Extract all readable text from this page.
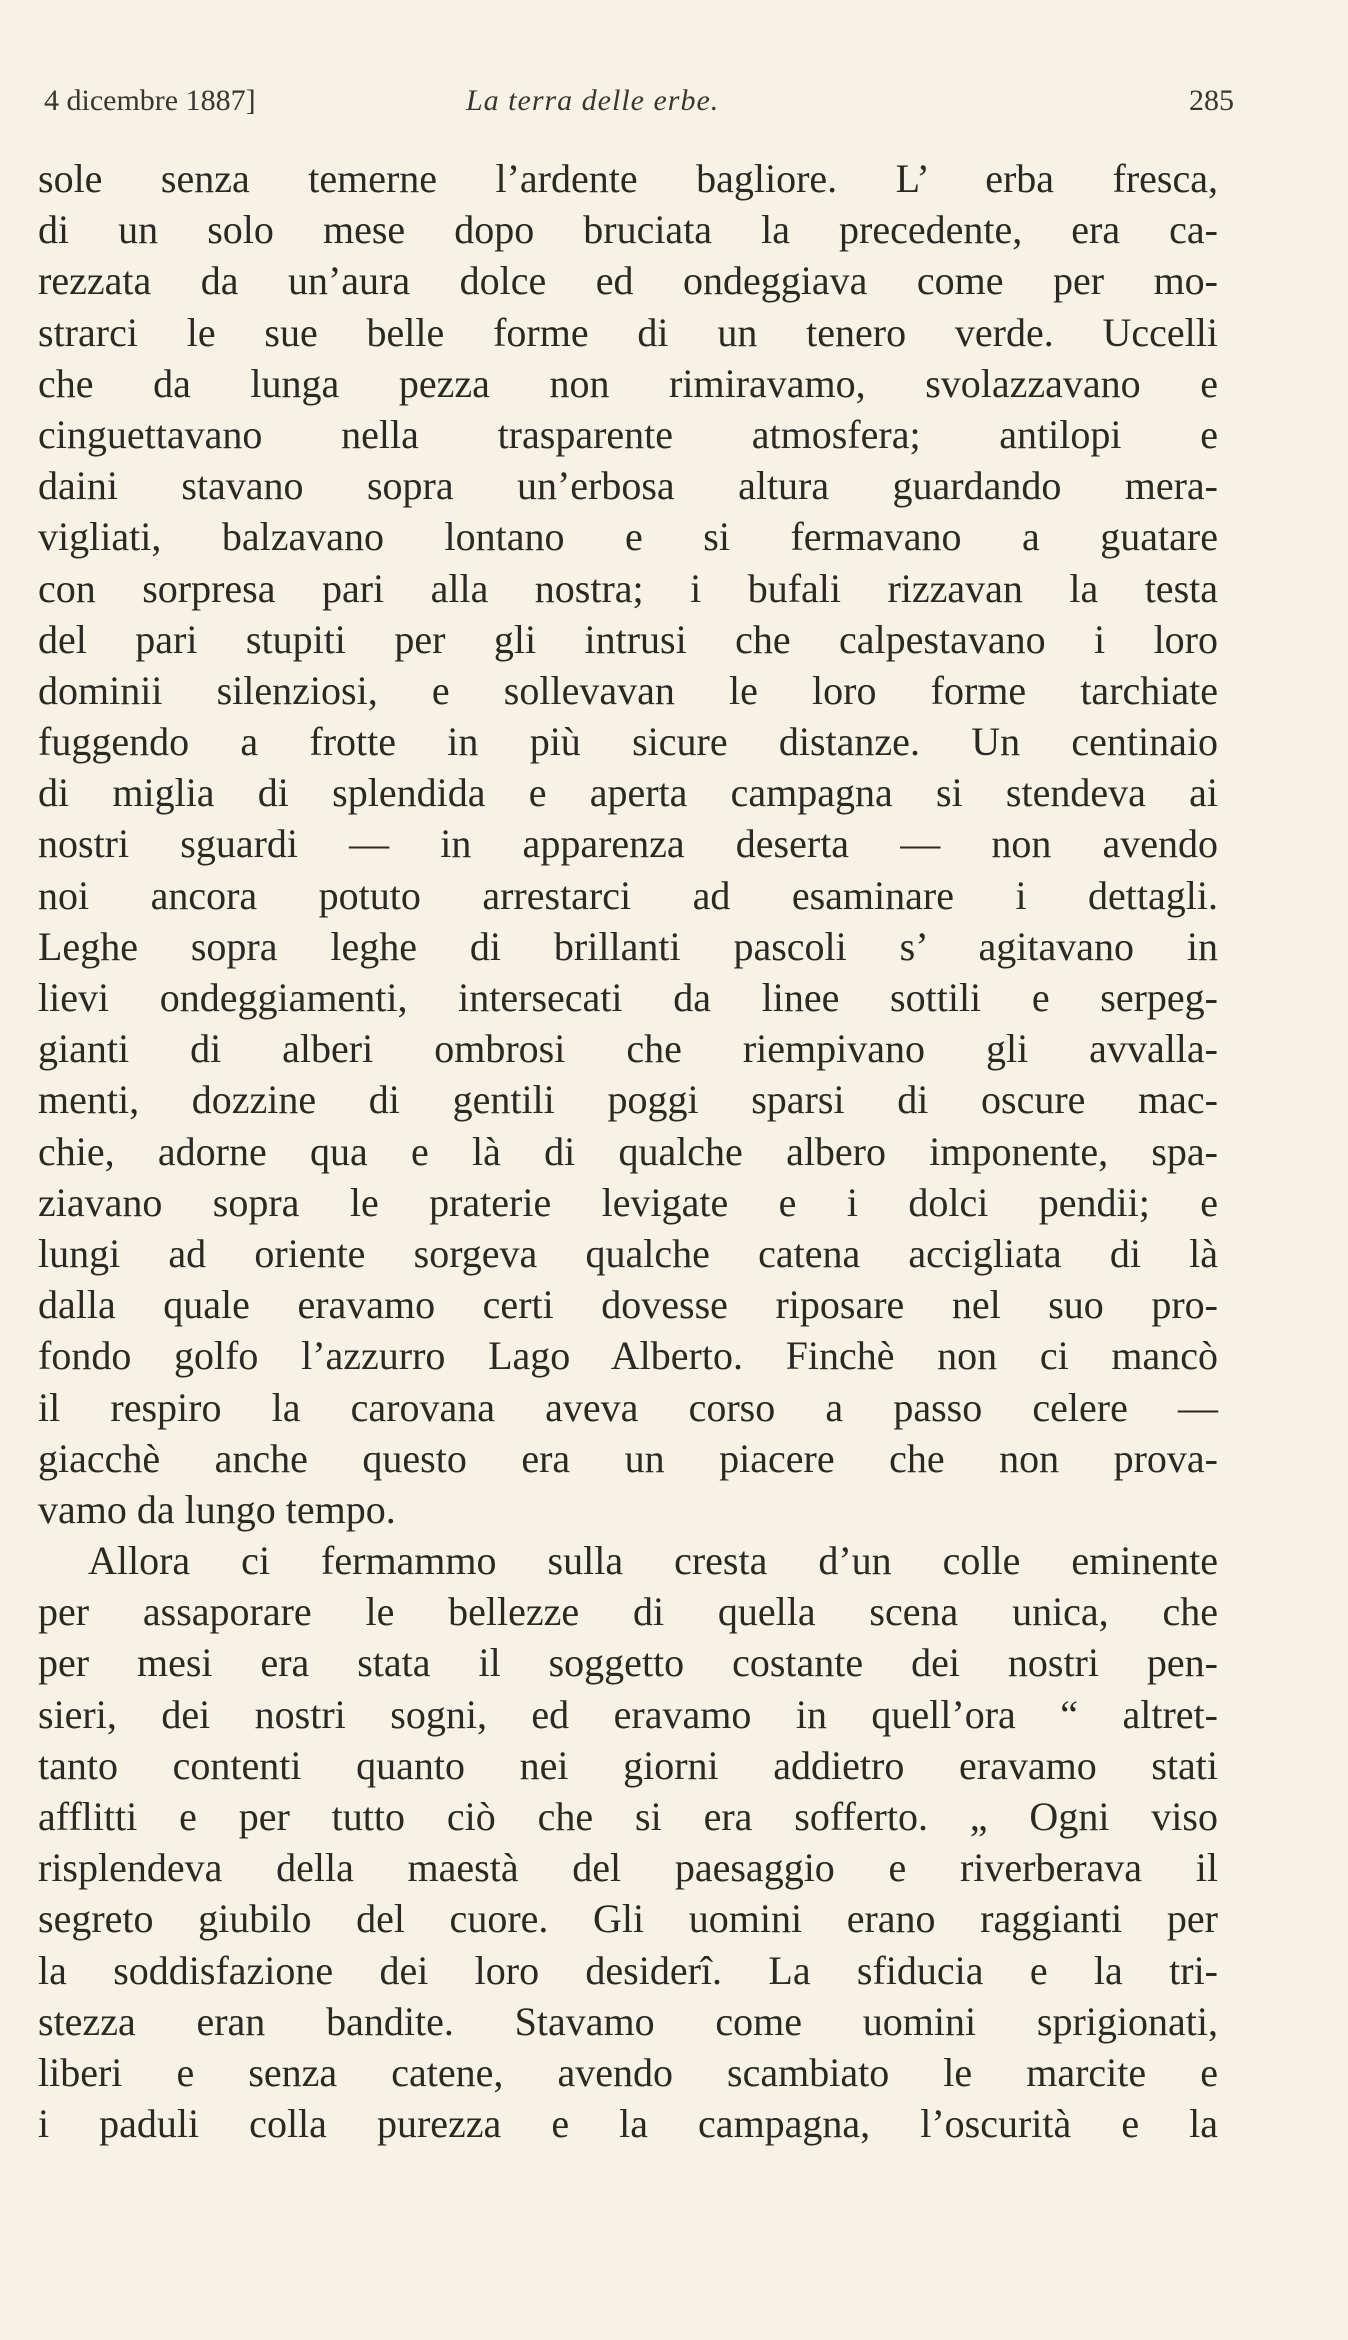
4 dicembre 1887]	La terra delle erbe.	285
sole senza temerne l’ardente bagliore. L’ erba fresca,
di un solo mese dopo bruciata la precedente, era ca-
rezzata da un’aura dolce ed ondeggiava come per mo-
strarci le sue belle forme di un tenero verde. Uccelli
che da lunga pezza non rimiravamo, svolazzavano e
cinguettavano nella trasparente atmosfera; antilopi e
daini stavano sopra un’erbosa altura guardando mera-
vigliati, balzavano lontano e si fermavano a guatare
con sorpresa pari alla nostra; i bufali rizzavan la testa
del pari stupiti per gli intrusi che calpestavano i loro
dominii silenziosi, e sollevavan le loro forme tarchiate
fuggendo a frotte in più sicure distanze. Un centinaio
di miglia di splendida e aperta campagna si stendeva ai
nostri sguardi — in apparenza deserta — non avendo
noi ancora potuto arrestarci ad esaminare i dettagli.
Leghe sopra leghe di brillanti pascoli s’ agitavano in
lievi ondeggiamenti, intersecati da linee sottili e serpeg-
gianti di alberi ombrosi che riempivano gli avvalla-
menti, dozzine di gentili poggi sparsi di oscure mac-
chie, adorne qua e là di qualche albero imponente, spa-
ziavano sopra le praterie levigate e i dolci pendii; e
lungi ad oriente sorgeva qualche catena accigliata di là
dalla quale eravamo certi dovesse riposare nel suo pro-
fondo golfo l’azzurro Lago Alberto. Finchè non ci mancò
il respiro la carovana aveva corso a passo celere —
giacchè anche questo era un piacere che non prova-
vamo da lungo tempo.
Allora ci fermammo sulla cresta d’un colle eminente
per assaporare le bellezze di quella scena unica, che
per mesi era stata il soggetto costante dei nostri pen-
sieri, dei nostri sogni, ed eravamo in quell’ora “ altret-
tanto contenti quanto nei giorni addietro eravamo stati
afflitti e per tutto ciò che si era sofferto. „ Ogni viso
risplendeva della maestà del paesaggio e riverberava il
segreto giubilo del cuore. Gli uomini erano raggianti per
la soddisfazione dei loro desiderî. La sfiducia e la tri-
stezza eran bandite. Stavamo come uomini sprigionati,
liberi e senza catene, avendo scambiato le marcite e
i paduli colla purezza e la campagna, l’oscurità e la
